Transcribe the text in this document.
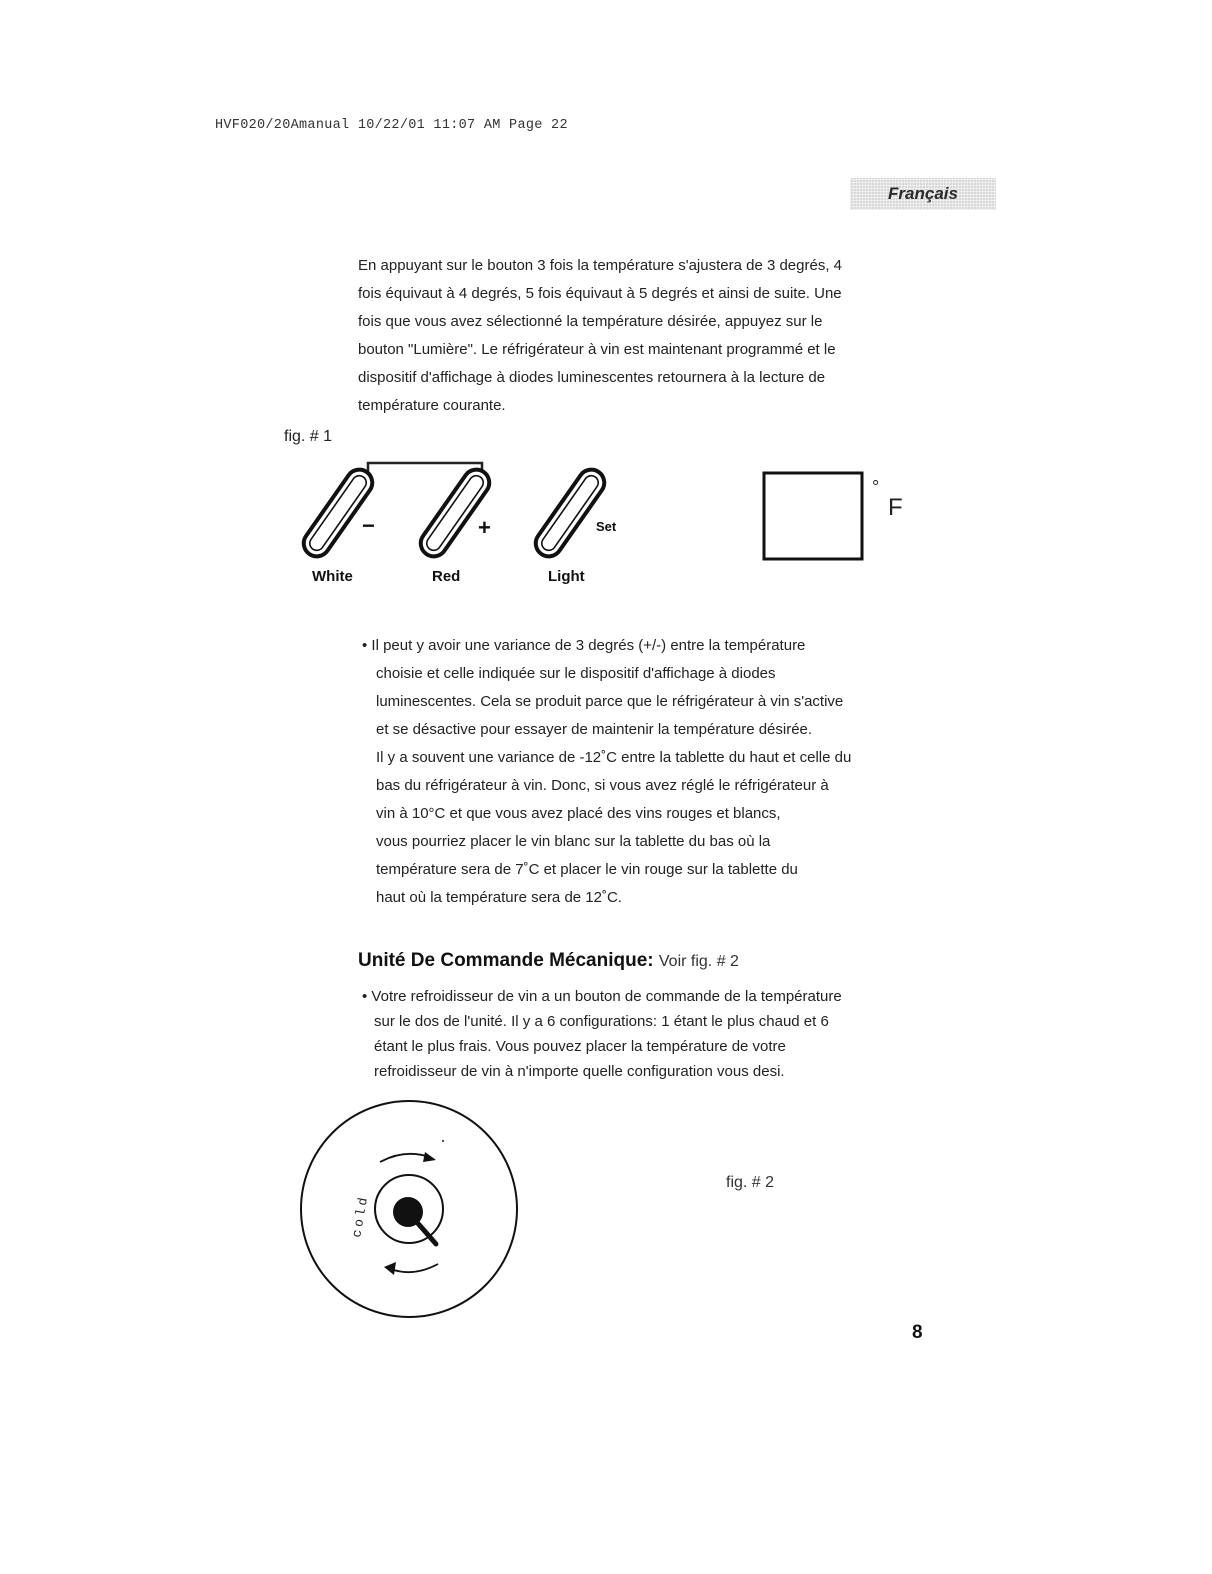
HVF020/20Amanual 10/22/01 11:07 AM Page 22
Français
En appuyant sur le bouton 3 fois la température s'ajustera de 3 degrés, 4
fois équivaut à 4 degrés, 5 fois équivaut à 5 degrés et ainsi de suite. Une
fois que vous avez sélectionné la température désirée, appuyez sur le
bouton "Lumière". Le réfrigérateur à vin est maintenant programmé et le
dispositif d'affichage à diodes luminescentes retournera à la lecture de
température courante.
fig. # 1
−
White
+
Red
Set
Light
°
F
• Il peut y avoir une variance de 3 degrés (+/-) entre la température
choisie et celle indiquée sur le dispositif d'affichage à diodes
luminescentes. Cela se produit parce que le réfrigérateur à vin s'active
et se désactive pour essayer de maintenir la température désirée.
Il y a souvent une variance de -12˚C entre la tablette du haut et celle du
bas du réfrigérateur à vin. Donc, si vous avez réglé le réfrigérateur à
vin à 10°C et que vous avez placé des vins rouges et blancs,
vous pourriez placer le vin blanc sur la tablette du bas où la
température sera de 7˚C et placer le vin rouge sur la tablette du
haut où la température sera de 12˚C.
Unité De Commande Mécanique: Voir fig. # 2
• Votre refroidisseur de vin a un bouton de commande de la température
sur le dos de l'unité. Il y a 6 configurations: 1 étant le plus chaud et 6
étant le plus frais. Vous pouvez placer la température de votre
refroidisseur de vin à n'importe quelle configuration vous desi.
cold
fig. # 2
8
